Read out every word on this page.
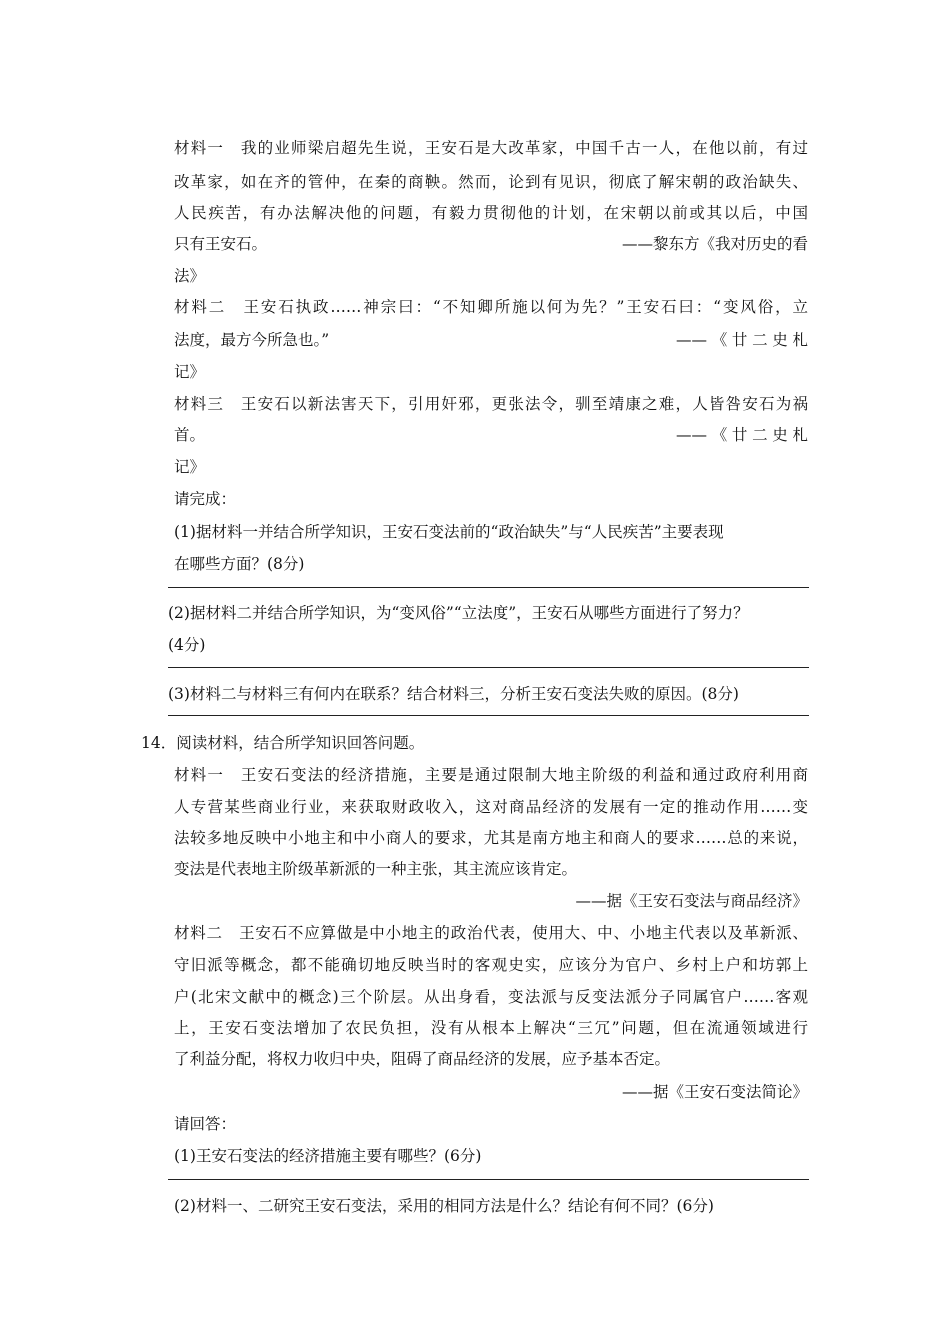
材料一　我的业师梁启超先生说，王安石是大改革家，中国千古一人，在他以前，有过
改革家，如在齐的管仲，在秦的商鞅。然而，论到有见识，彻底了解宋朝的政治缺失、
人民疾苦，有办法解决他的问题，有毅力贯彻他的计划，在宋朝以前或其以后，中国
只有王安石。	——黎东方《我对历史的看
法》
材料二　王安石执政……神宗曰：“不知卿所施以何为先？”王安石曰：“变风俗，立
法度，最方今所急也。”	——《廿二史札
记》
材料三　王安石以新法害天下，引用奸邪，更张法令，驯至靖康之难，人皆咎安石为祸
首。	——《廿二史札
记》
请完成：
(1)据材料一并结合所学知识，王安石变法前的“政治缺失”与“人民疾苦”主要表现
在哪些方面？(8分)
(2)据材料二并结合所学知识，为“变风俗”“立法度”，王安石从哪些方面进行了努力？
(4分)
(3)材料二与材料三有何内在联系？结合材料三，分析王安石变法失败的原因。(8分)
14．阅读材料，结合所学知识回答问题。
材料一　王安石变法的经济措施，主要是通过限制大地主阶级的利益和通过政府利用商
人专营某些商业行业，来获取财政收入，这对商品经济的发展有一定的推动作用……变
法较多地反映中小地主和中小商人的要求，尤其是南方地主和商人的要求……总的来说，
变法是代表地主阶级革新派的一种主张，其主流应该肯定。
——据《王安石变法与商品经济》
材料二　王安石不应算做是中小地主的政治代表，使用大、中、小地主代表以及革新派、
守旧派等概念，都不能确切地反映当时的客观史实，应该分为官户、乡村上户和坊郭上
户(北宋文献中的概念)三个阶层。从出身看，变法派与反变法派分子同属官户……客观
上，王安石变法增加了农民负担，没有从根本上解决“三冗”问题，但在流通领域进行
了利益分配，将权力收归中央，阻碍了商品经济的发展，应予基本否定。
——据《王安石变法简论》
请回答：
(1)王安石变法的经济措施主要有哪些？(6分)
(2)材料一、二研究王安石变法，采用的相同方法是什么？结论有何不同？(6分)
